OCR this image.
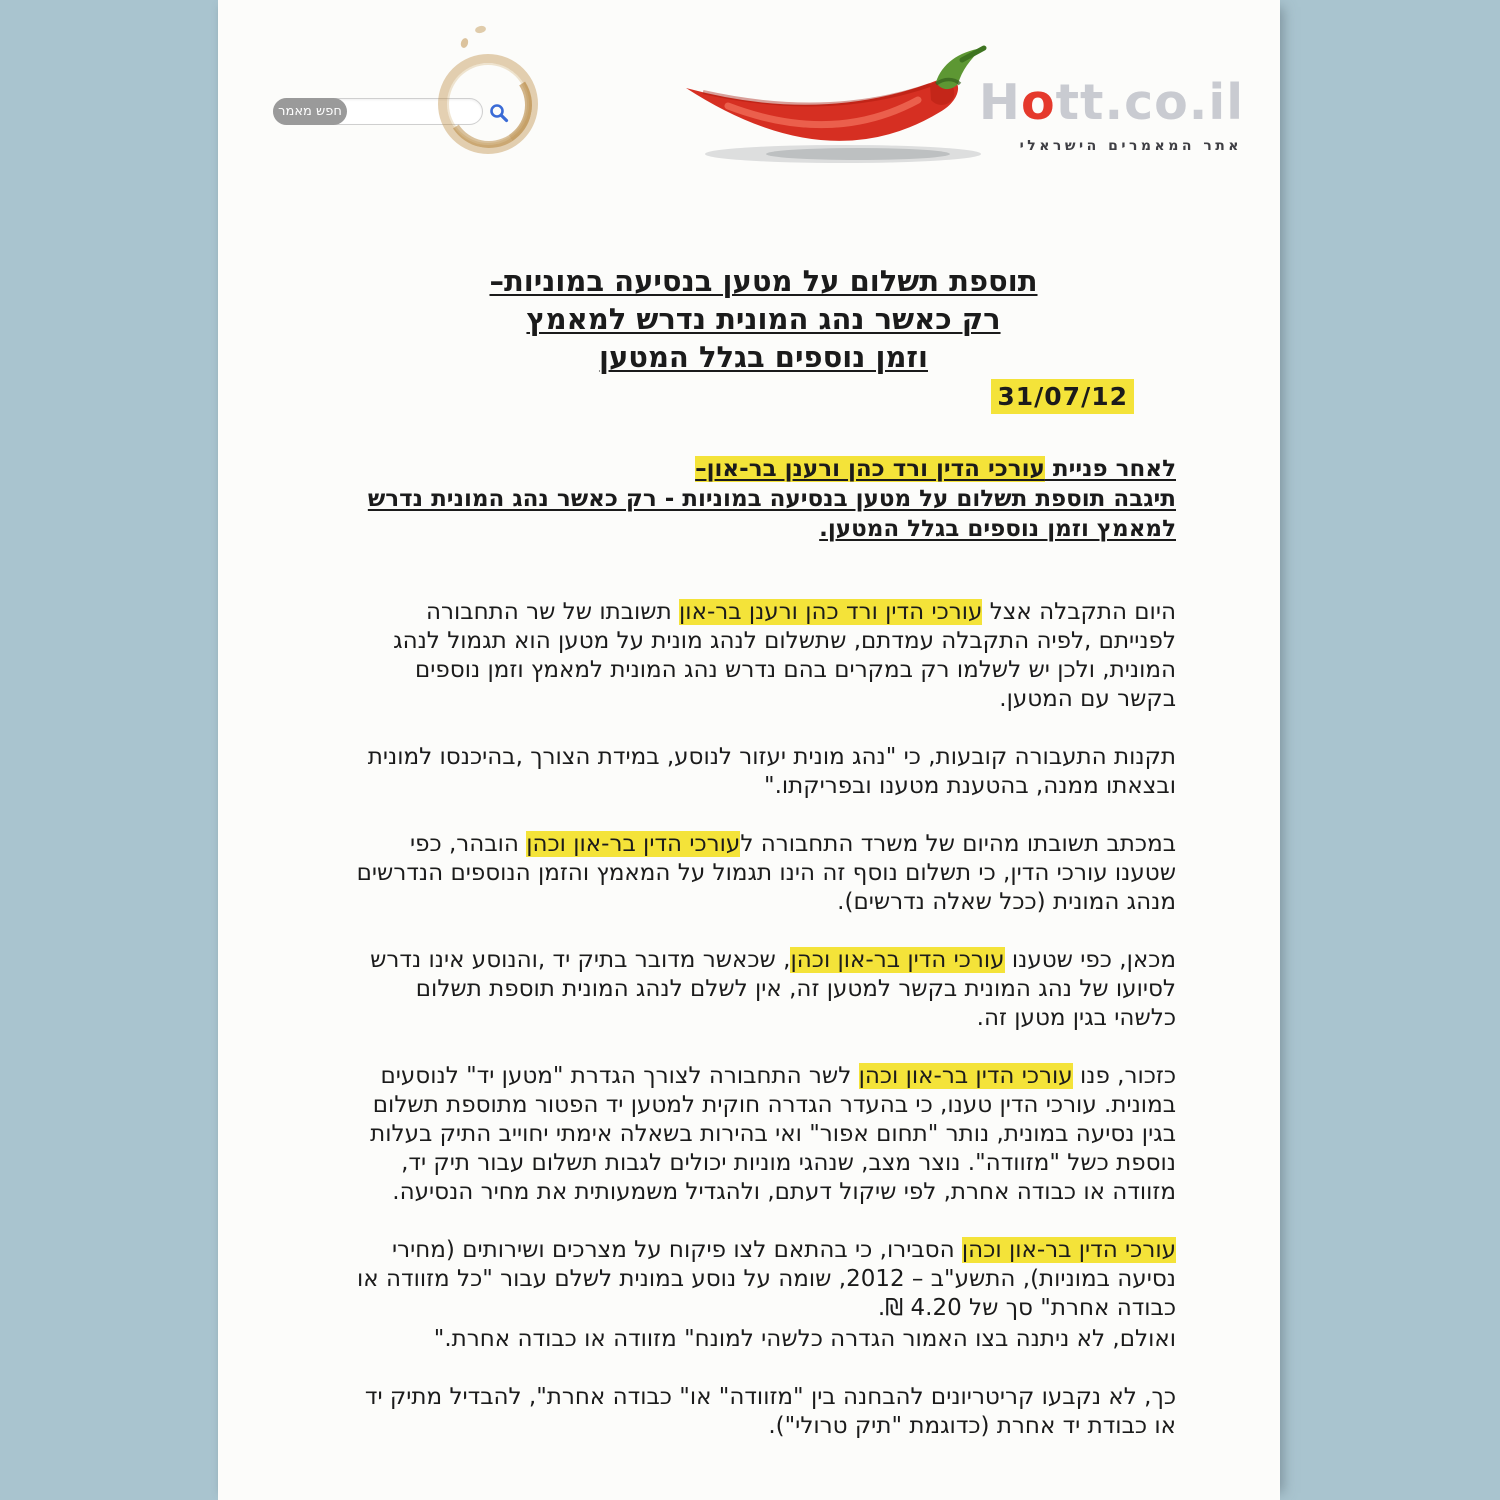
חפש מאמר	Hott.co.il
אתר המאמרים הישראלי
תוספת תשלום על מטען בנסיעה במוניות–
רק כאשר נהג המונית נדרש למאמץ
וזמן נוספים בגלל המטען
31/07/12
לאחר פניית עורכי הדין ורד כהן ורענן בר-און–
תיגבה תוספת תשלום על מטען בנסיעה במוניות - רק כאשר נהג המונית נדרש
למאמץ וזמן נוספים בגלל המטען.

היום התקבלה אצל עורכי הדין ורד כהן ורענן בר-און תשובתו של שר התחבורה לפנייתם ,לפיה התקבלה עמדתם, שתשלום לנהג מונית על מטען הוא תגמול לנהג המונית, ולכן יש לשלמו רק במקרים בהם נדרש נהג המונית למאמץ וזמן נוספים בקשר עם המטען.

תקנות התעבורה קובעות, כי "נהג מונית יעזור לנוסע, במידת הצורך ,בהיכנסו למונית ובצאתו ממנה, בהטענת מטענו ובפריקתו."

במכתב תשובתו מהיום של משרד התחבורה לעורכי הדין בר-און וכהן הובהר, כפי שטענו עורכי הדין, כי תשלום נוסף זה הינו תגמול על המאמץ והזמן הנוספים הנדרשים מנהג המונית (ככל שאלה נדרשים).

מכאן, כפי שטענו עורכי הדין בר-און וכהן, שכאשר מדובר בתיק יד ,והנוסע אינו נדרש לסיועו של נהג המונית בקשר למטען זה, אין לשלם לנהג המונית תוספת תשלום כלשהי בגין מטען זה.

כזכור, פנו עורכי הדין בר-און וכהן לשר התחבורה לצורך הגדרת "מטען יד" לנוסעים במונית. עורכי הדין טענו, כי בהעדר הגדרה חוקית למטען יד הפטור מתוספת תשלום בגין נסיעה במונית, נותר "תחום אפור" ואי בהירות בשאלה אימתי יחוייב התיק בעלות נוספת כשל "מזוודה". נוצר מצב, שנהגי מוניות יכולים לגבות תשלום עבור תיק יד, מזוודה או כבודה אחרת, לפי שיקול דעתם, ולהגדיל משמעותית את מחיר הנסיעה.

עורכי הדין בר-און וכהן הסבירו, כי בהתאם לצו פיקוח על מצרכים ושירותים (מחירי נסיעה במוניות), התשע"ב – 2012, שומה על נוסע במונית לשלם עבור "כל מזוודה או כבודה אחרת" סך של 4.20 ₪.

ואולם, לא ניתנה בצו האמור הגדרה כלשהי למונח" מזוודה או כבודה אחרת."

כך, לא נקבעו קריטריונים להבחנה בין "מזוודה" או" כבודה אחרת", להבדיל מתיק יד או כבודת יד אחרת (כדוגמת "תיק טרולי").
